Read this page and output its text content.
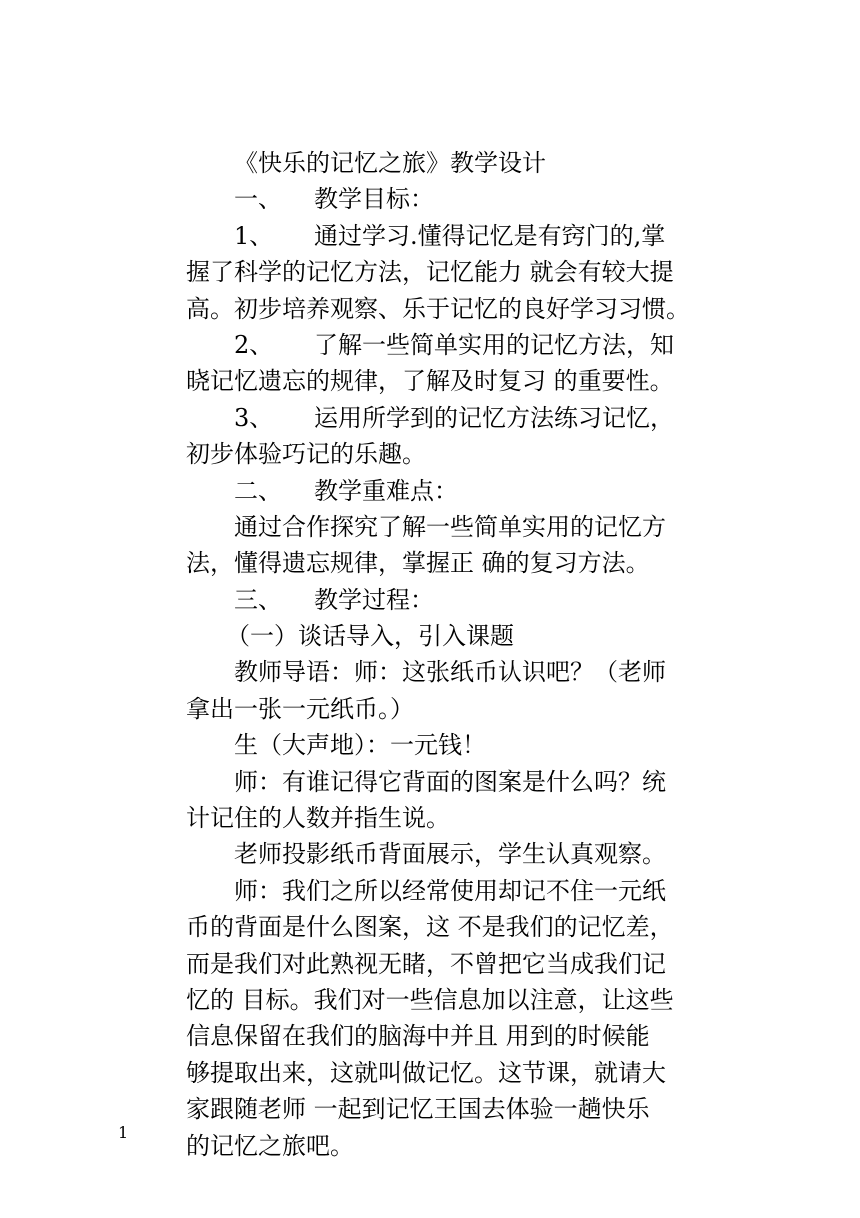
《快乐的记忆之旅》教学设计
一、 教学目标：
1、 通过学习.懂得记忆是有窍门的,掌
握了科学的记忆方法，记忆能力 就会有较大提
高。初步培养观察、乐于记忆的良好学习习惯。
2、 了解一些简单实用的记忆方法，知
晓记忆遗忘的规律，了解及时复习 的重要性。
3、 运用所学到的记忆方法练习记忆，
初步体验巧记的乐趣。
二、 教学重难点：
通过合作探究了解一些简单实用的记忆方
法，懂得遗忘规律，掌握正 确的复习方法。
三、 教学过程：
（一）谈话导入，引入课题
教师导语：师：这张纸币认识吧？（老师
拿出一张一元纸币。）
生（大声地）：一元钱！
师：有谁记得它背面的图案是什么吗？统
计记住的人数并指生说。
老师投影纸币背面展示，学生认真观察。
师：我们之所以经常使用却记不住一元纸
币的背面是什么图案，这 不是我们的记忆差，
而是我们对此熟视无睹，不曾把它当成我们记
忆的 目标。我们对一些信息加以注意，让这些
信息保留在我们的脑海中并且 用到的时候能
够提取出来，这就叫做记忆。这节课，就请大
家跟随老师 一起到记忆王国去体验一趟快乐
的记忆之旅吧。
1
